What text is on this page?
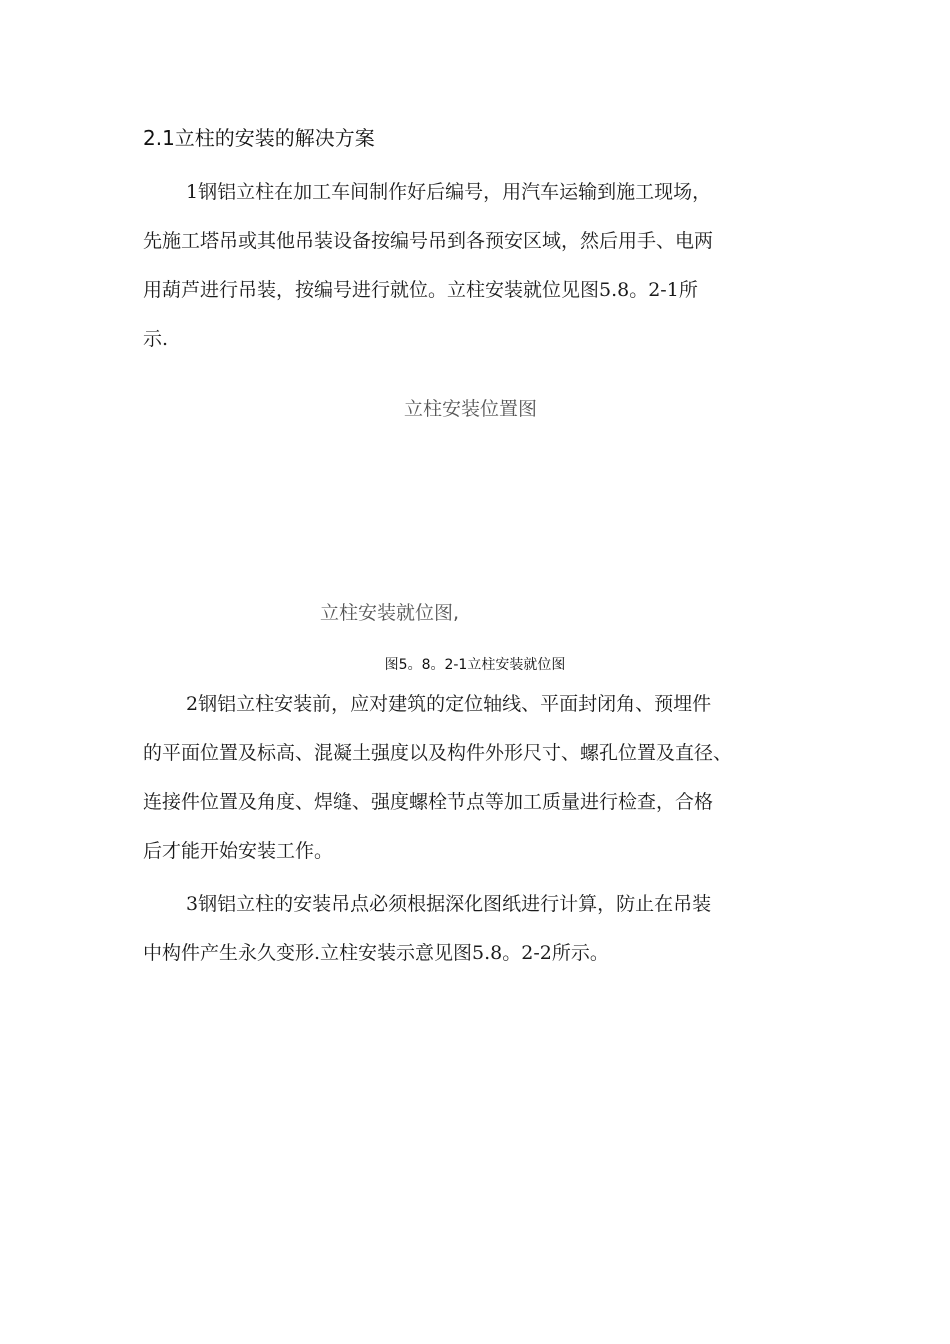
2.1立柱的安装的解决方案
1钢铝立柱在加工车间制作好后编号，用汽车运输到施工现场，
先施工塔吊或其他吊装设备按编号吊到各预安区域，然后用手、电两
用葫芦进行吊装，按编号进行就位。立柱安装就位见图5.8。2-1所
示.
立柱安装位置图
立柱安装就位图,
图5。8。2-1立柱安装就位图
2钢铝立柱安装前，应对建筑的定位轴线、平面封闭角、预埋件
的平面位置及标高、混凝土强度以及构件外形尺寸、螺孔位置及直径、
连接件位置及角度、焊缝、强度螺栓节点等加工质量进行检查，合格
后才能开始安装工作。
3钢铝立柱的安装吊点必须根据深化图纸进行计算，防止在吊装
中构件产生永久变形.立柱安装示意见图5.8。2-2所示。
